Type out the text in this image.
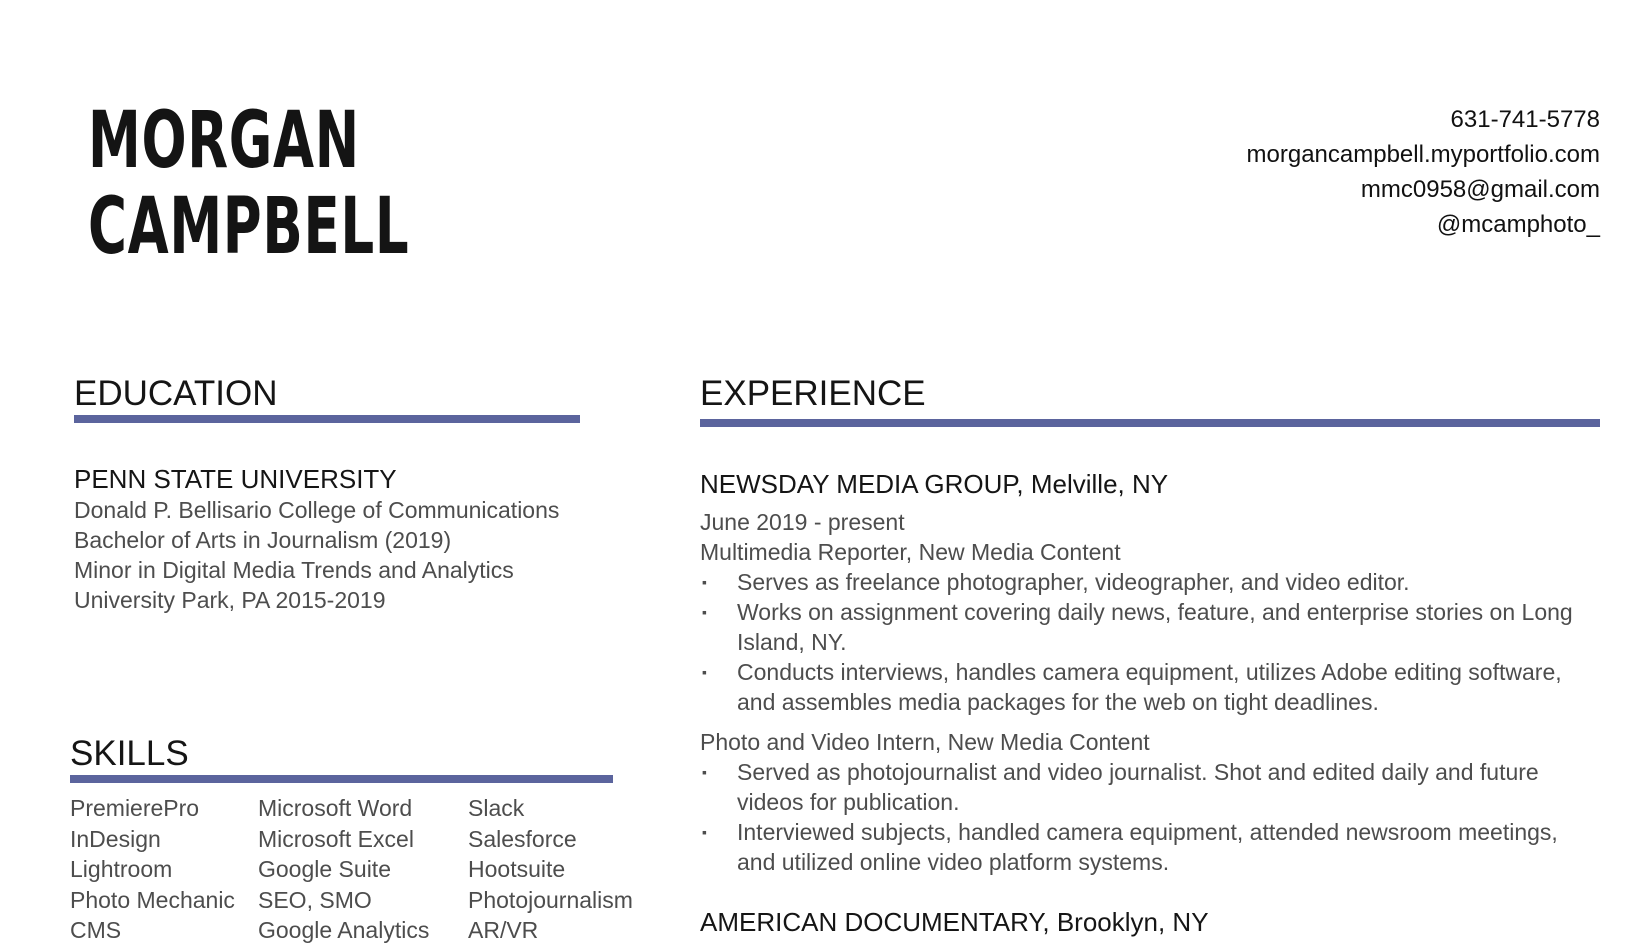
MORGAN
CAMPBELL
631-741-5778
morgancampbell.myportfolio.com
mmc0958@gmail.com
@mcamphoto_
EDUCATION
PENN STATE UNIVERSITY
Donald P. Bellisario College of Communications
Bachelor of Arts in Journalism (2019)
Minor in Digital Media Trends and Analytics
University Park, PA 2015-2019
SKILLS
PremierePro
InDesign
Lightroom
Photo Mechanic
CMS
Microsoft Word
Microsoft Excel
Google Suite
SEO, SMO
Google Analytics
Slack
Salesforce
Hootsuite
Photojournalism
AR/VR
EXPERIENCE
NEWSDAY MEDIA GROUP, Melville, NY
June 2019 - present
Multimedia Reporter, New Media Content
▪ Serves as freelance photographer, videographer, and video editor.
▪ Works on assignment covering daily news, feature, and enterprise stories on Long Island, NY.
▪ Conducts interviews, handles camera equipment, utilizes Adobe editing software, and assembles media packages for the web on tight deadlines.
Photo and Video Intern, New Media Content
▪ Served as photojournalist and video journalist. Shot and edited daily and future videos for publication.
▪ Interviewed subjects, handled camera equipment, attended newsroom meetings, and utilized online video platform systems.
AMERICAN DOCUMENTARY, Brooklyn, NY
